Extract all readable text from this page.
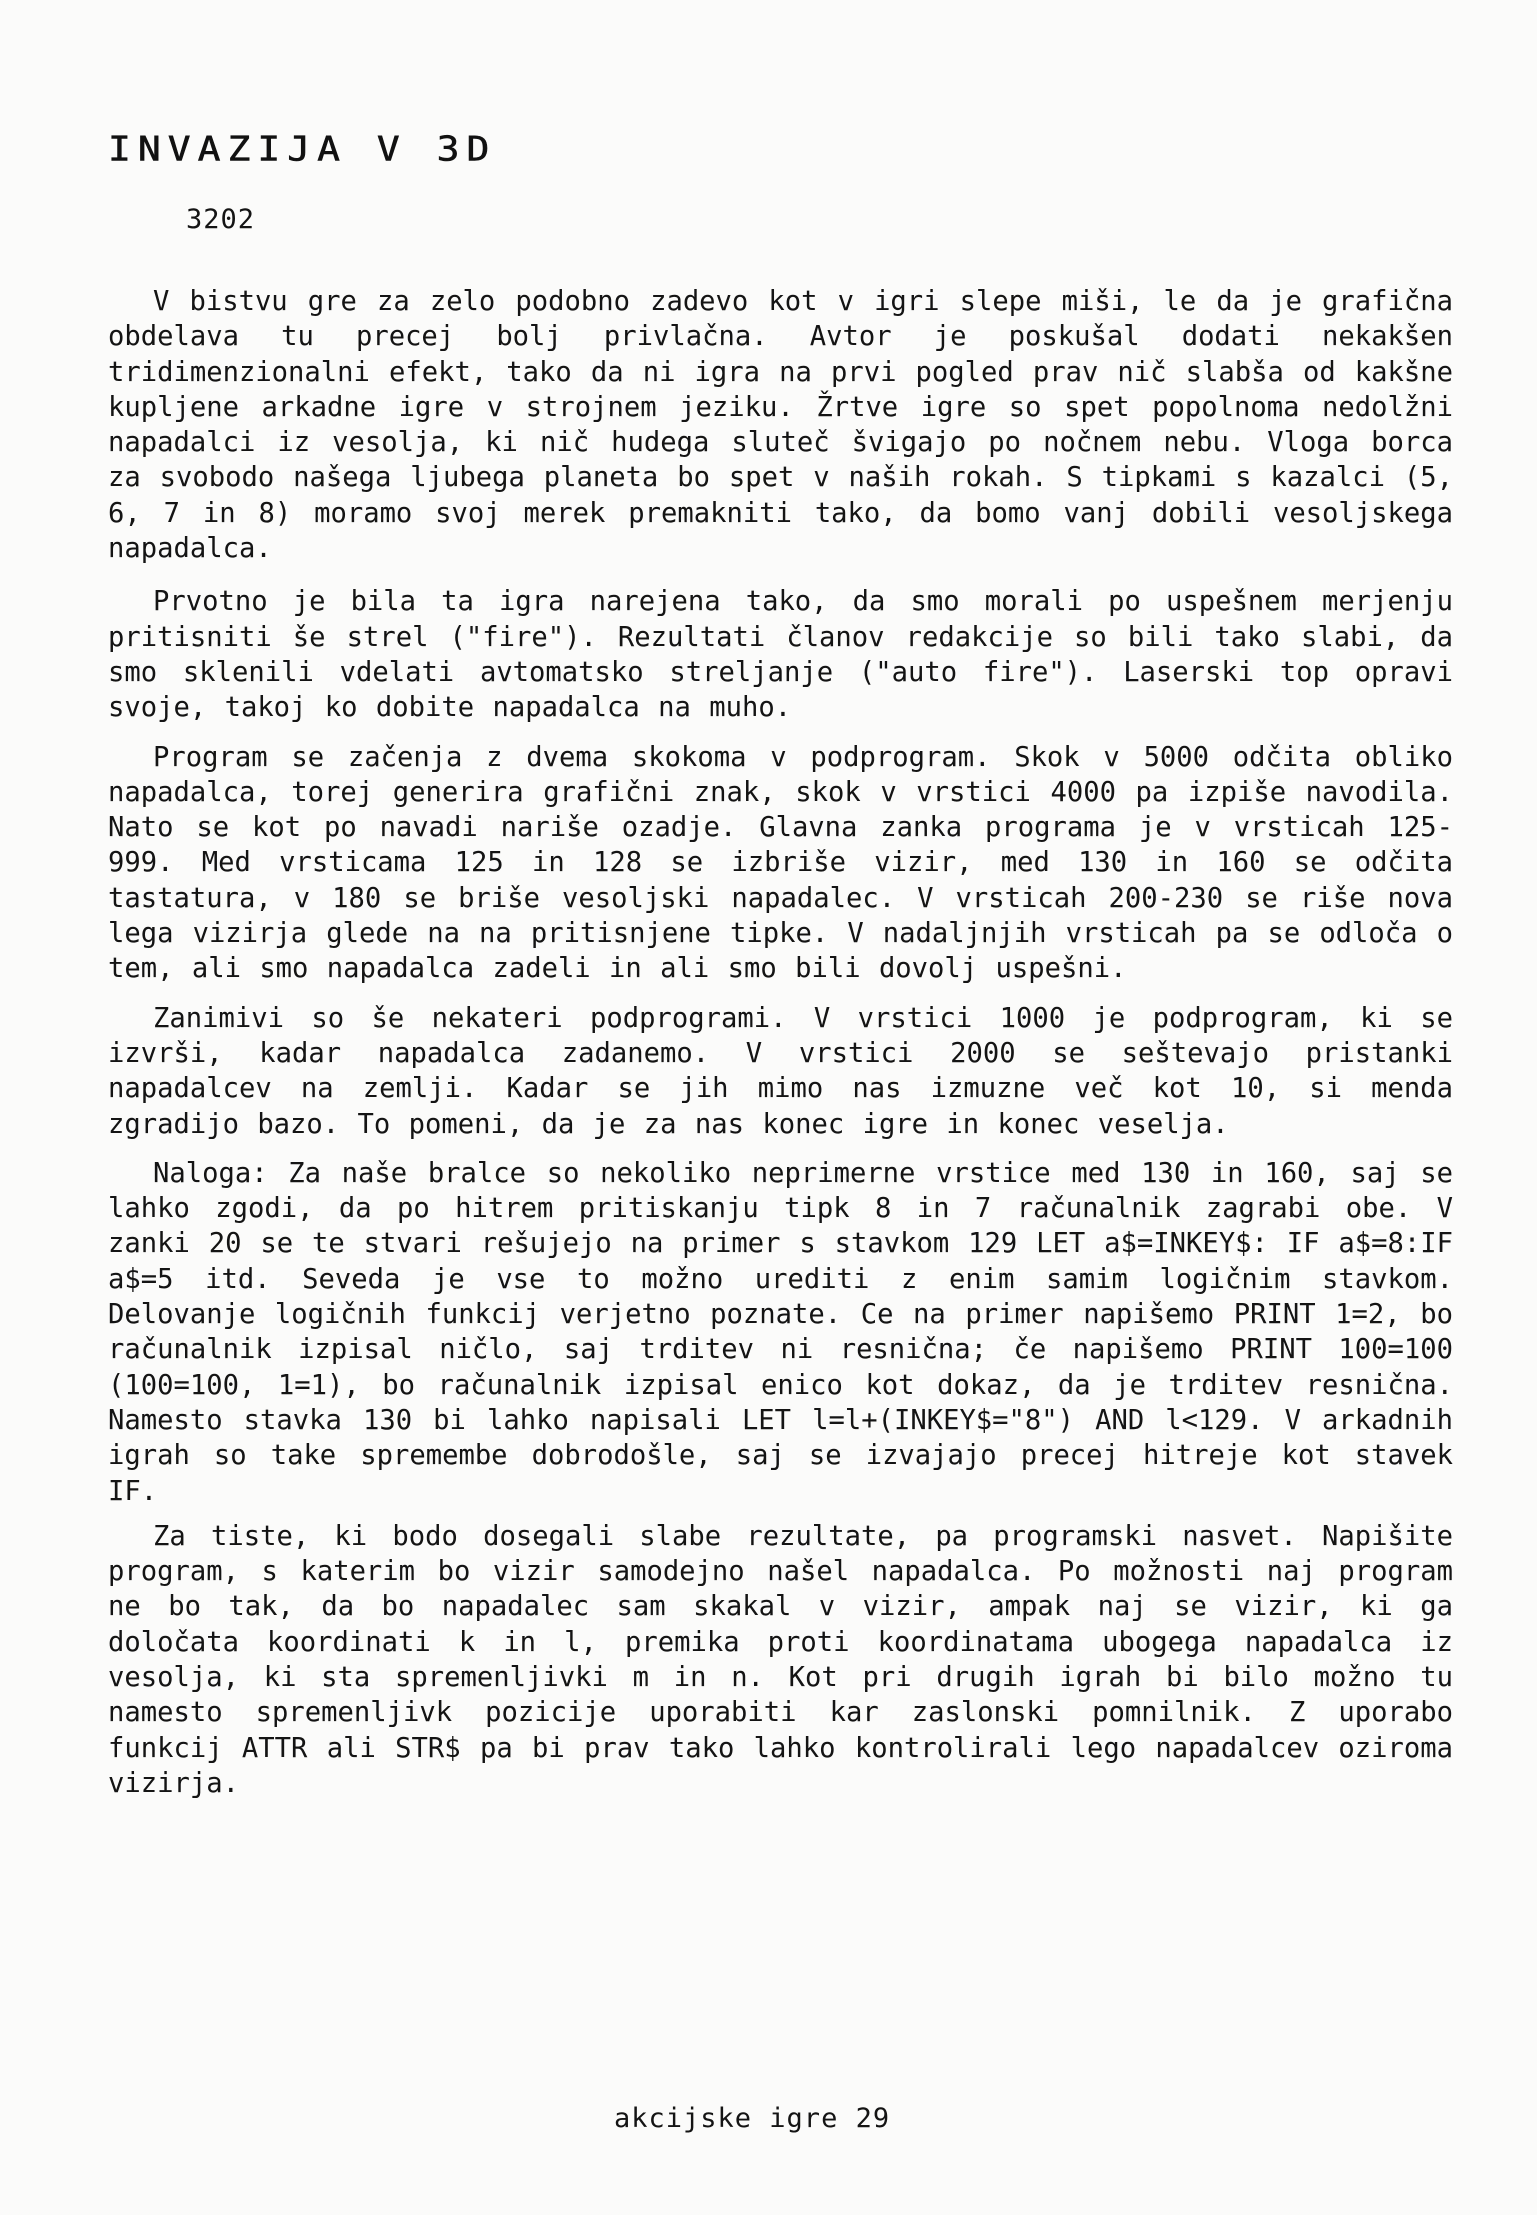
INVAZIJA V 3D
3202

V bistvu gre za zelo podobno zadevo kot v igri slepe miši, le da je grafična obdelava tu precej bolj privlačna. Avtor je poskušal dodati nekakšen tridimenzionalni efekt, tako da ni igra na prvi pogled prav nič slabša od kakšne kupljene arkadne igre v strojnem jeziku. Žrtve igre so spet popolnoma nedolžni napadalci iz vesolja, ki nič hudega sluteč švigajo po nočnem nebu. Vloga borca za svobodo našega ljubega planeta bo spet v naših rokah. S tipkami s kazalci (5, 6, 7 in 8) moramo svoj merek premakniti tako, da bomo vanj dobili vesoljskega napadalca.

Prvotno je bila ta igra narejena tako, da smo morali po uspešnem merjenju pritisniti še strel ("fire"). Rezultati članov redakcije so bili tako slabi, da smo sklenili vdelati avtomatsko streljanje ("auto fire"). Laserski top opravi svoje, takoj ko dobite napadalca na muho.

Program se začenja z dvema skokoma v podprogram. Skok v 5000 odčita obliko napadalca, torej generira grafični znak, skok v vrstici 4000 pa izpiše navodila. Nato se kot po navadi nariše ozadje. Glavna zanka programa je v vrsticah 125-999. Med vrsticama 125 in 128 se izbriše vizir, med 130 in 160 se odčita tastatura, v 180 se briše vesoljski napadalec. V vrsticah 200-230 se riše nova lega vizirja glede na na pritisnjene tipke. V nadaljnjih vrsticah pa se odloča o tem, ali smo napadalca zadeli in ali smo bili dovolj uspešni.

Zanimivi so še nekateri podprogrami. V vrstici 1000 je podprogram, ki se izvrši, kadar napadalca zadanemo. V vrstici 2000 se seštevajo pristanki napadalcev na zemlji. Kadar se jih mimo nas izmuzne več kot 10, si menda zgradijo bazo. To pomeni, da je za nas konec igre in konec veselja.

Naloga: Za naše bralce so nekoliko neprimerne vrstice med 130 in 160, saj se lahko zgodi, da po hitrem pritiskanju tipk 8 in 7 računalnik zagrabi obe. V zanki 20 se te stvari rešujejo na primer s stavkom 129 LET a$=INKEY$: IF a$=8:IF a$=5 itd. Seveda je vse to možno urediti z enim samim logičnim stavkom. Delovanje logičnih funkcij verjetno poznate. Ce na primer napišemo PRINT 1=2, bo računalnik izpisal ničlo, saj trditev ni resnična; če napišemo PRINT 100=100 (100=100, 1=1), bo računalnik izpisal enico kot dokaz, da je trditev resnična. Namesto stavka 130 bi lahko napisali LET l=l+(INKEY$="8") AND l<129. V arkadnih igrah so take spremembe dobrodošle, saj se izvajajo precej hitreje kot stavek IF.

Za tiste, ki bodo dosegali slabe rezultate, pa programski nasvet. Napišite program, s katerim bo vizir samodejno našel napadalca. Po možnosti naj program ne bo tak, da bo napadalec sam skakal v vizir, ampak naj se vizir, ki ga določata koordinati k in l, premika proti koordinatama ubogega napadalca iz vesolja, ki sta spremenljivki m in n. Kot pri drugih igrah bi bilo možno tu namesto spremenljivk pozicije uporabiti kar zaslonski pomnilnik. Z uporabo funkcij ATTR ali STR$ pa bi prav tako lahko kontrolirali lego napadalcev oziroma vizirja.

akcijske igre 29
